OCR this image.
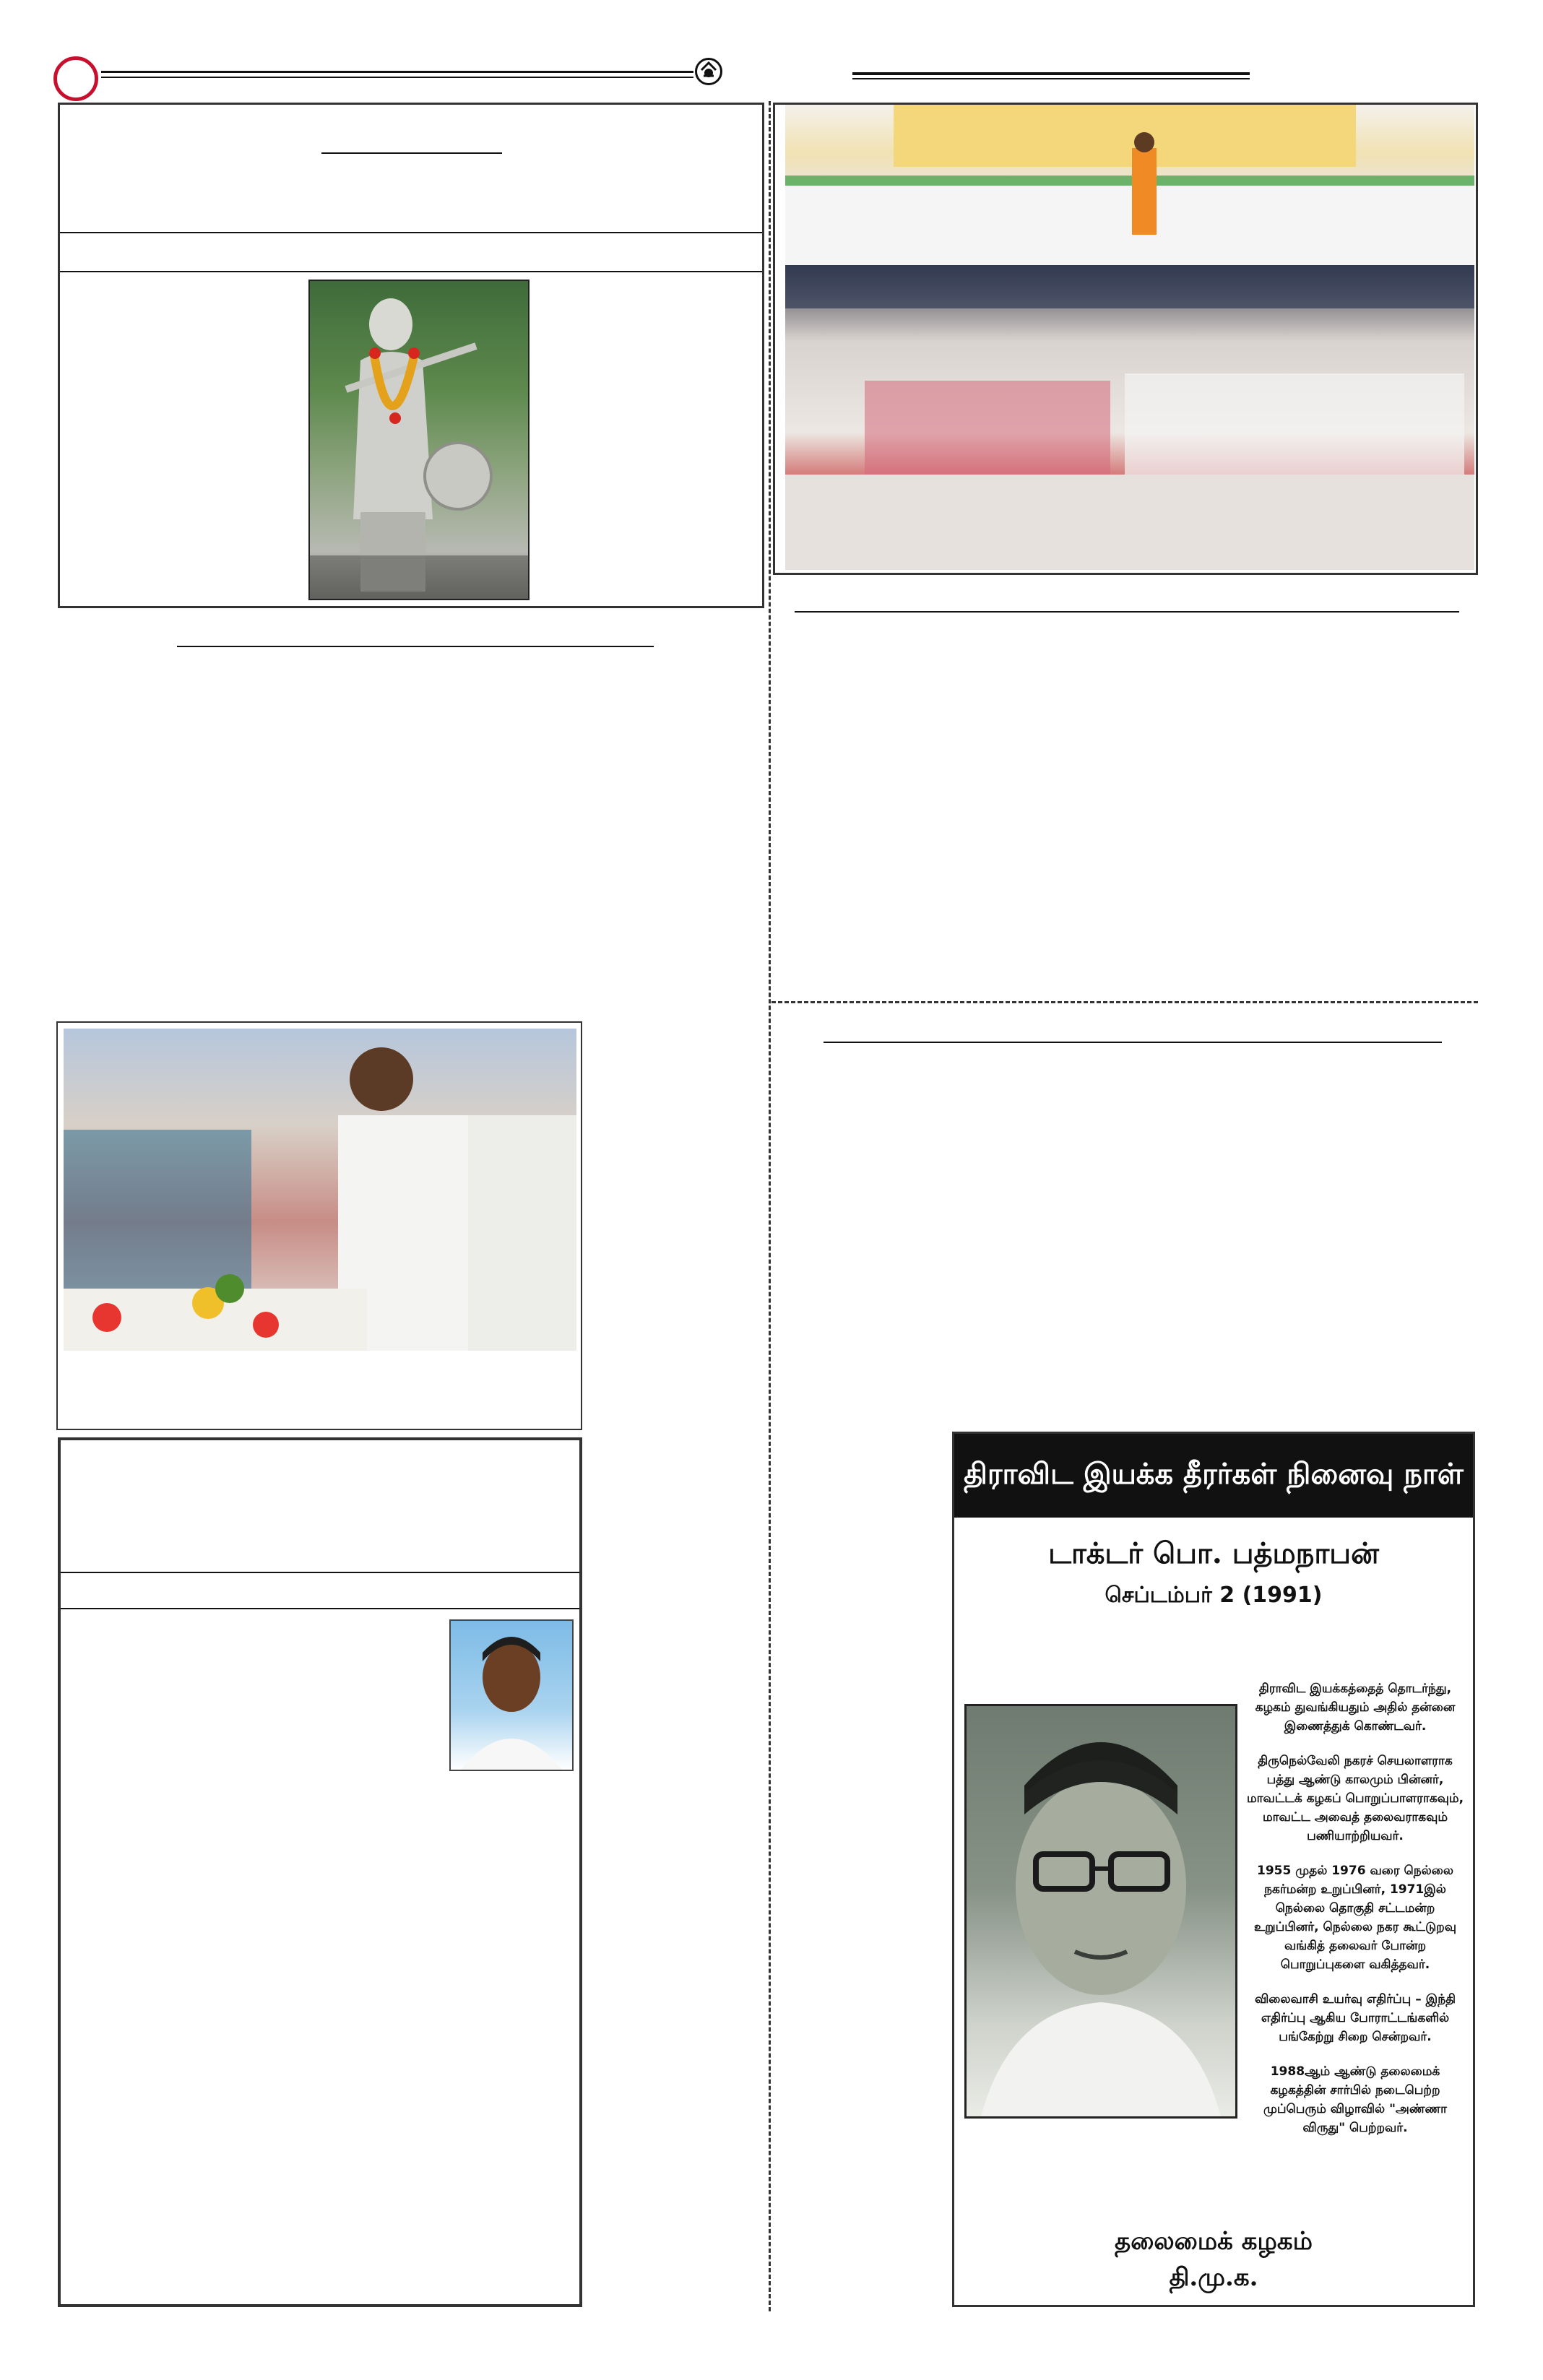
திராவிட இயக்க தீரர்கள் நினைவு நாள்
டாக்டர் பொ. பத்மநாபன்
செப்டம்பர் 2 (1991)

திராவிட இயக்கத்தைத் தொடர்ந்து, கழகம் துவங்கியதும் அதில் தன்னை இணைத்துக் கொண்டவர்.

திருநெல்வேலி நகரச் செயலாளராக பத்து ஆண்டு காலமும் பின்னர், மாவட்டக் கழகப் பொறுப்பாளராகவும், மாவட்ட அவைத் தலைவராகவும் பணியாற்றியவர்.

1955 முதல் 1976 வரை நெல்லை நகர்மன்ற உறுப்பினர், 1971இல் நெல்லை தொகுதி சட்டமன்ற உறுப்பினர், நெல்லை நகர கூட்டுறவு வங்கித் தலைவர் போன்ற பொறுப்புகளை வகித்தவர்.

விலைவாசி உயர்வு எதிர்ப்பு – இந்தி எதிர்ப்பு ஆகிய போராட்டங்களில் பங்கேற்று சிறை சென்றவர்.

1988ஆம் ஆண்டு தலைமைக் கழகத்தின் சார்பில் நடைபெற்ற முப்பெரும் விழாவில் "அண்ணா விருது" பெற்றவர்.

தலைமைக் கழகம்
தி.மு.க.
